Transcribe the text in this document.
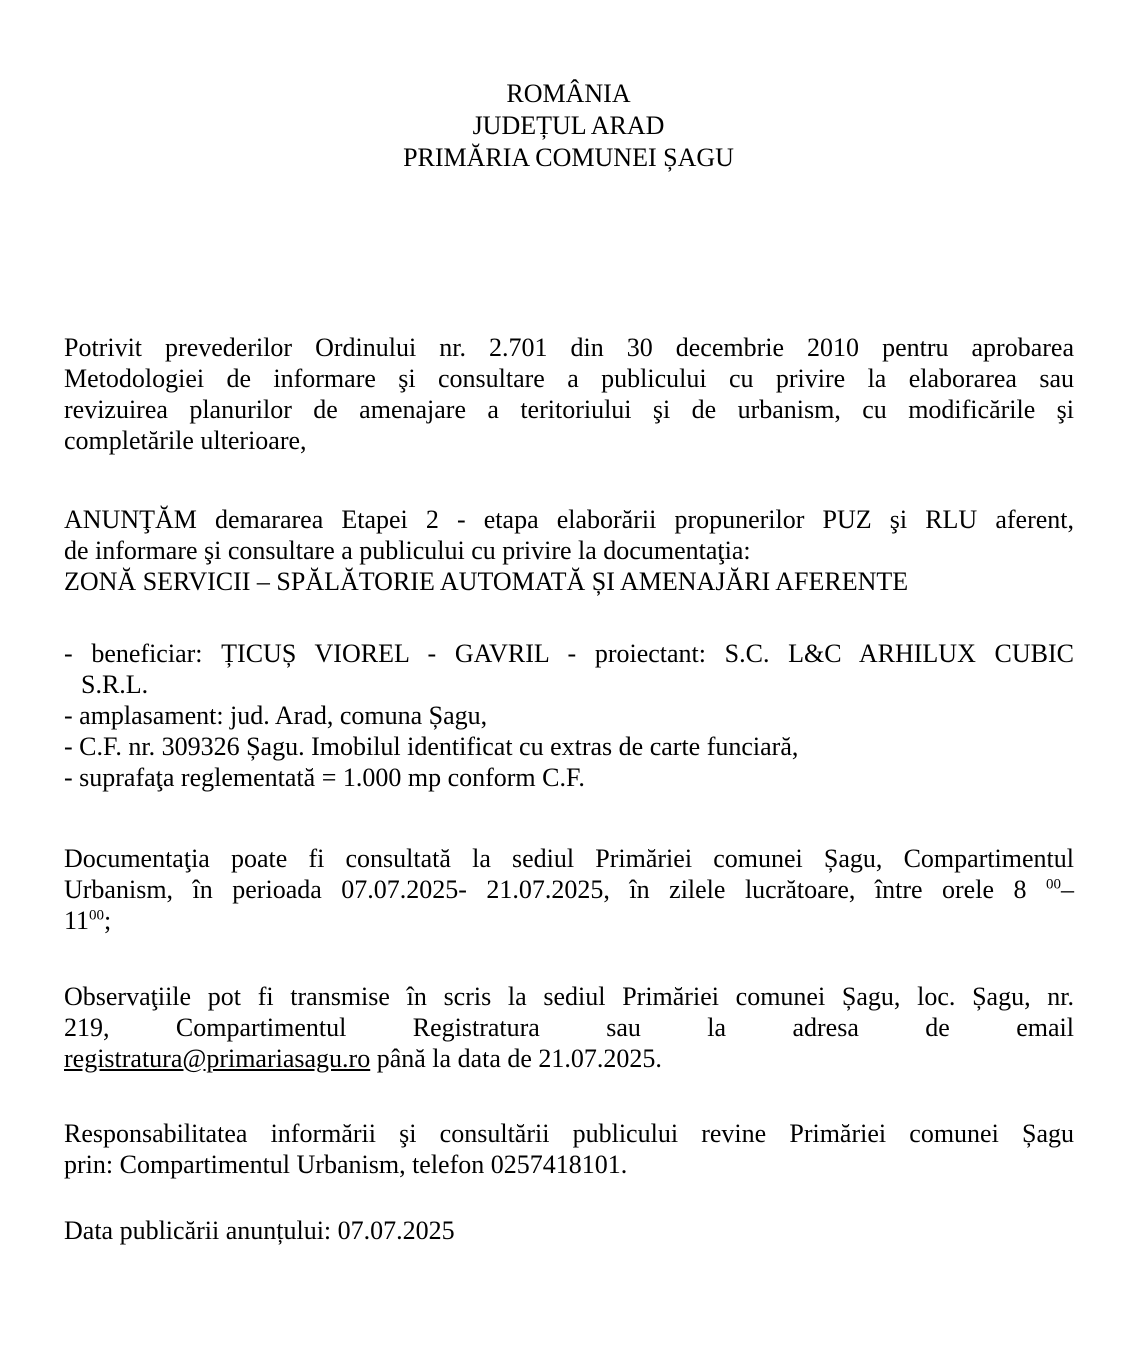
ROMÂNIA
JUDEȚUL ARAD
PRIMĂRIA COMUNEI ȘAGU
Potrivit prevederilor Ordinului nr. 2.701 din 30 decembrie 2010 pentru aprobarea
Metodologiei de informare şi consultare a publicului cu privire la elaborarea sau
revizuirea planurilor de amenajare a teritoriului şi de urbanism, cu modificările şi
completările ulterioare,
ANUNŢĂM demararea Etapei 2 - etapa elaborării propunerilor PUZ şi RLU aferent,
de informare şi consultare a publicului cu privire la documentaţia:
ZONĂ SERVICII – SPĂLĂTORIE AUTOMATĂ ȘI AMENAJĂRI AFERENTE
- beneficiar: ȚICUȘ VIOREL - GAVRIL - proiectant: S.C. L&C ARHILUX CUBIC
S.R.L.
- amplasament: jud. Arad, comuna Șagu,
- C.F. nr. 309326 Șagu. Imobilul identificat cu extras de carte funciară,
- suprafaţa reglementată = 1.000 mp conform C.F.
Documentaţia poate fi consultată la sediul Primăriei comunei Șagu, Compartimentul
Urbanism, în perioada 07.07.2025- 21.07.2025, în zilele lucrătoare, între orele 8 $^{00}$–
$11^{00}$;
Observaţiile pot fi transmise în scris la sediul Primăriei comunei Șagu, loc. Șagu, nr.
219, Compartimentul Registratura sau la adresa de email
registratura@primariasagu.ro până la data de 21.07.2025.
Responsabilitatea informării şi consultării publicului revine Primăriei comunei Șagu
prin: Compartimentul Urbanism, telefon 0257418101.
Data publicării anunțului: 07.07.2025
